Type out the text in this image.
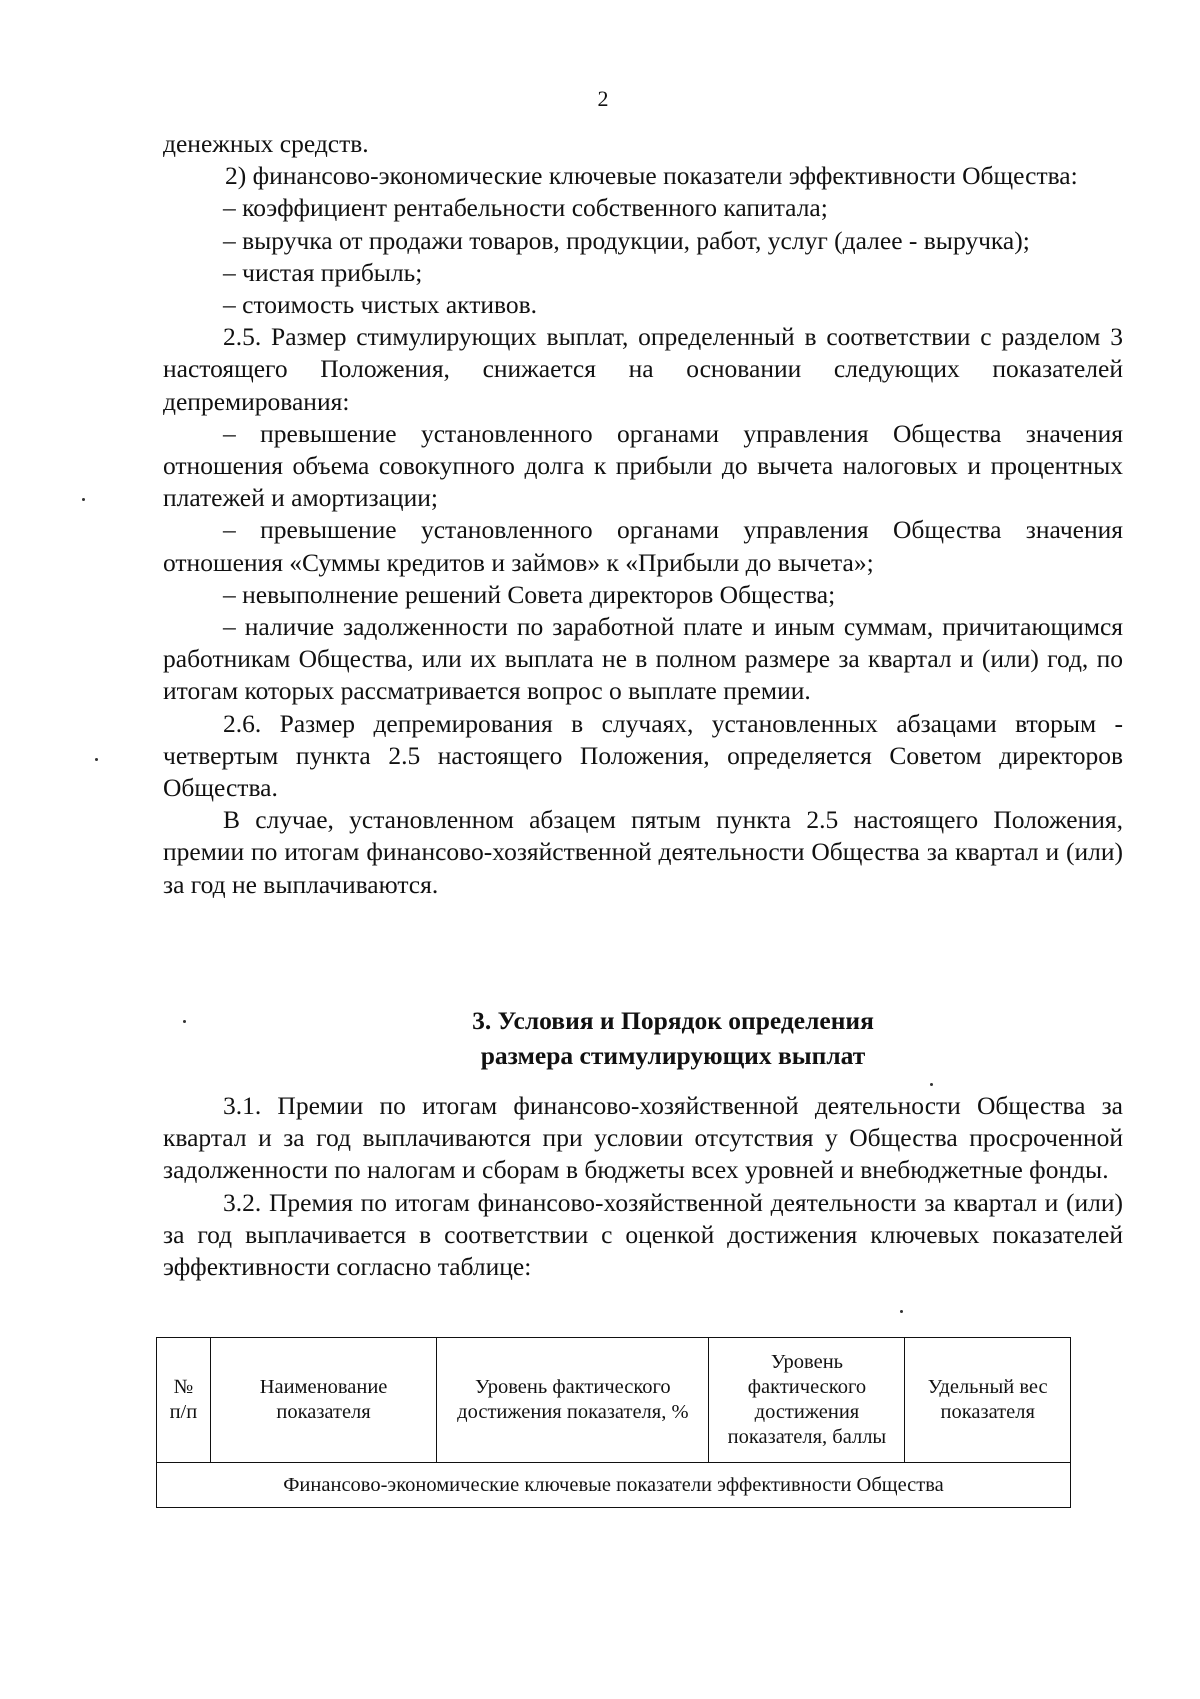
2

денежных средств.

2) финансово-экономические ключевые показатели эффективности Общества:

– коэффициент рентабельности собственного капитала;

– выручка от продажи товаров, продукции, работ, услуг (далее - выручка);

– чистая прибыль;

– стоимость чистых активов.

2.5. Размер стимулирующих выплат, определенный в соответствии с разделом 3 настоящего Положения, снижается на основании следующих показателей депремирования:

– превышение установленного органами управления Общества значения отношения объема совокупного долга к прибыли до вычета налоговых и процентных платежей и амортизации;

– превышение установленного органами управления Общества значения отношения «Суммы кредитов и займов» к «Прибыли до вычета»;

– невыполнение решений Совета директоров Общества;

– наличие задолженности по заработной плате и иным суммам, причитающимся работникам Общества, или их выплата не в полном размере за квартал и (или) год, по итогам которых рассматривается вопрос о выплате премии.

2.6. Размер депремирования в случаях, установленных абзацами вторым - четвертым пункта 2.5 настоящего Положения, определяется Советом директоров Общества.

В случае, установленном абзацем пятым пункта 2.5 настоящего Положения, премии по итогам финансово-хозяйственной деятельности Общества за квартал и (или) за год не выплачиваются.

3. Условия и Порядок определения
размера стимулирующих выплат

3.1. Премии по итогам финансово-хозяйственной деятельности Общества за квартал и за год выплачиваются при условии отсутствия у Общества просроченной задолженности по налогам и сборам в бюджеты всех уровней и внебюджетные фонды.

3.2. Премия по итогам финансово-хозяйственной деятельности за квартал и (или) за год выплачивается в соответствии с оценкой достижения ключевых показателей эффективности согласно таблице:

№ п/п	Наименование показателя	Уровень фактического достижения показателя, %	Уровень фактического достижения показателя, баллы	Удельный вес показателя
Финансово-экономические ключевые показатели эффективности Общества
